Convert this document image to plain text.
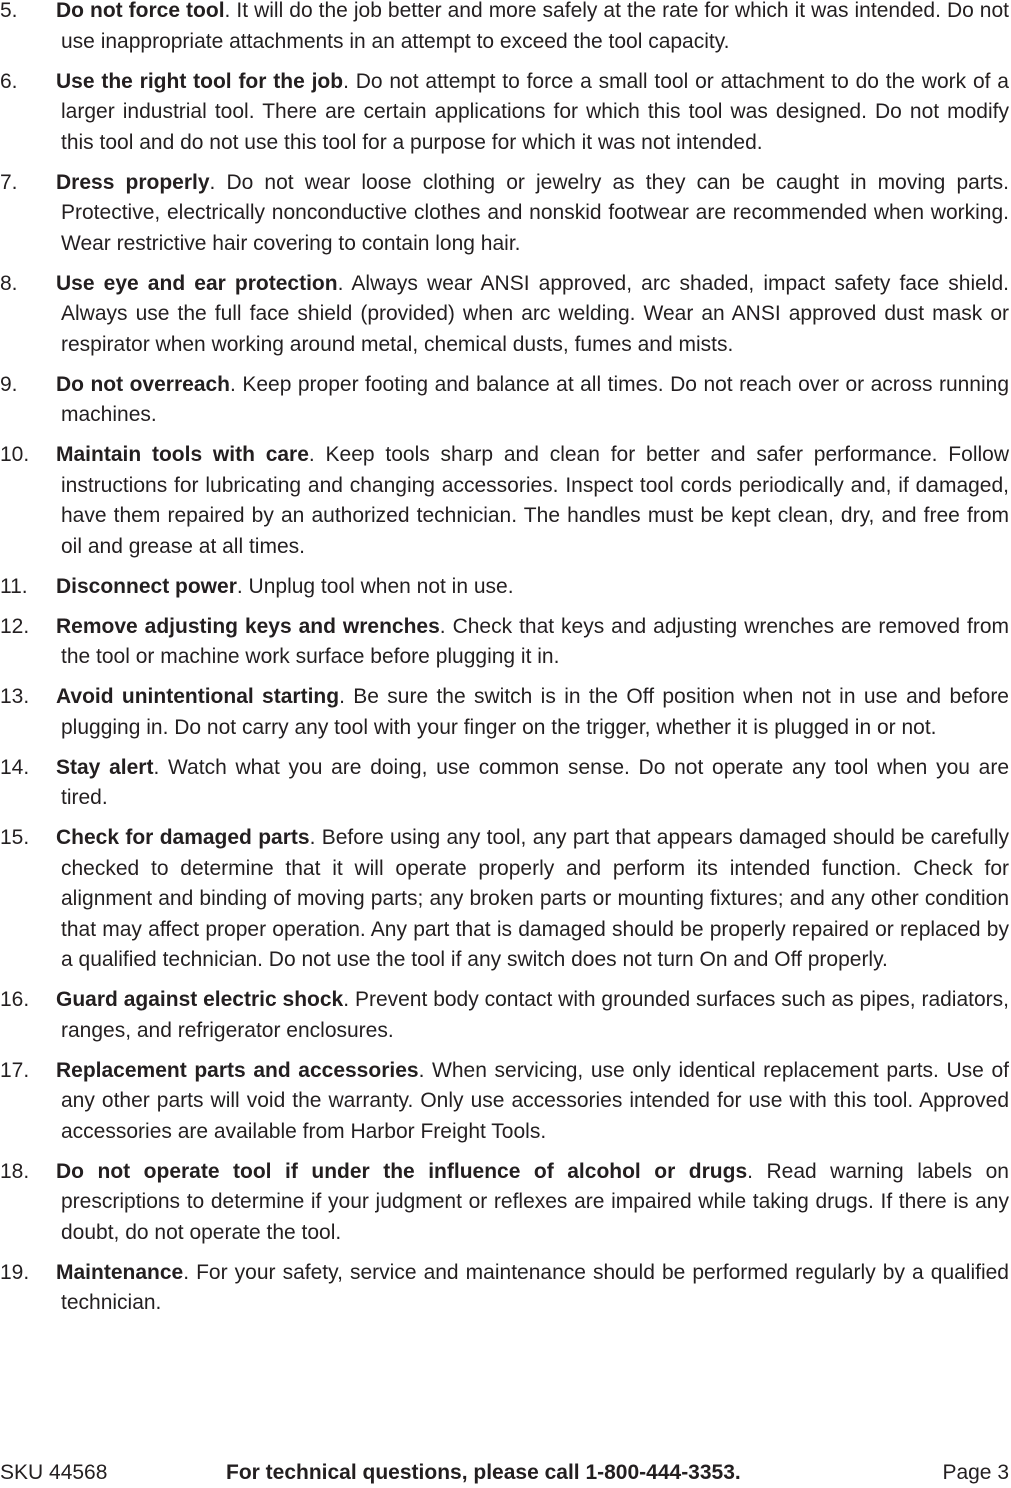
5.	Do not force tool. It will do the job better and more safely at the rate for which it was intended. Do not use inappropriate attachments in an attempt to exceed the tool capacity.
6.	Use the right tool for the job. Do not attempt to force a small tool or attachment to do the work of a larger industrial tool. There are certain applications for which this tool was designed. Do not modify this tool and do not use this tool for a purpose for which it was not intended.
7.	Dress properly. Do not wear loose clothing or jewelry as they can be caught in moving parts. Protective, electrically nonconductive clothes and nonskid footwear are recommended when working. Wear restrictive hair covering to contain long hair.
8.	Use eye and ear protection. Always wear ANSI approved, arc shaded, impact safety face shield. Always use the full face shield (provided) when arc welding. Wear an ANSI approved dust mask or respirator when working around metal, chemical dusts, fumes and mists.
9.	Do not overreach. Keep proper footing and balance at all times. Do not reach over or across running machines.
10.	Maintain tools with care. Keep tools sharp and clean for better and safer performance. Follow instructions for lubricating and changing accessories. Inspect tool cords periodically and, if damaged, have them repaired by an authorized technician. The handles must be kept clean, dry, and free from oil and grease at all times.
11.	Disconnect power. Unplug tool when not in use.
12.	Remove adjusting keys and wrenches. Check that keys and adjusting wrenches are removed from the tool or machine work surface before plugging it in.
13.	Avoid unintentional starting. Be sure the switch is in the Off position when not in use and before plugging in. Do not carry any tool with your finger on the trigger, whether it is plugged in or not.
14.	Stay alert. Watch what you are doing, use common sense. Do not operate any tool when you are tired.
15.	Check for damaged parts. Before using any tool, any part that appears damaged should be carefully checked to determine that it will operate properly and perform its intended function. Check for alignment and binding of moving parts; any broken parts or mounting fixtures; and any other condition that may affect proper operation. Any part that is damaged should be properly repaired or replaced by a qualified technician. Do not use the tool if any switch does not turn On and Off properly.
16.	Guard against electric shock. Prevent body contact with grounded surfaces such as pipes, radiators, ranges, and refrigerator enclosures.
17.	Replacement parts and accessories. When servicing, use only identical replacement parts. Use of any other parts will void the warranty. Only use accessories intended for use with this tool. Approved accessories are available from Harbor Freight Tools.
18.	Do not operate tool if under the influence of alcohol or drugs. Read warning labels on prescriptions to determine if your judgment or reflexes are impaired while taking drugs. If there is any doubt, do not operate the tool.
19.	Maintenance. For your safety, service and maintenance should be performed regularly by a qualified technician.
SKU 44568	For technical questions, please call 1-800-444-3353.	Page 3
